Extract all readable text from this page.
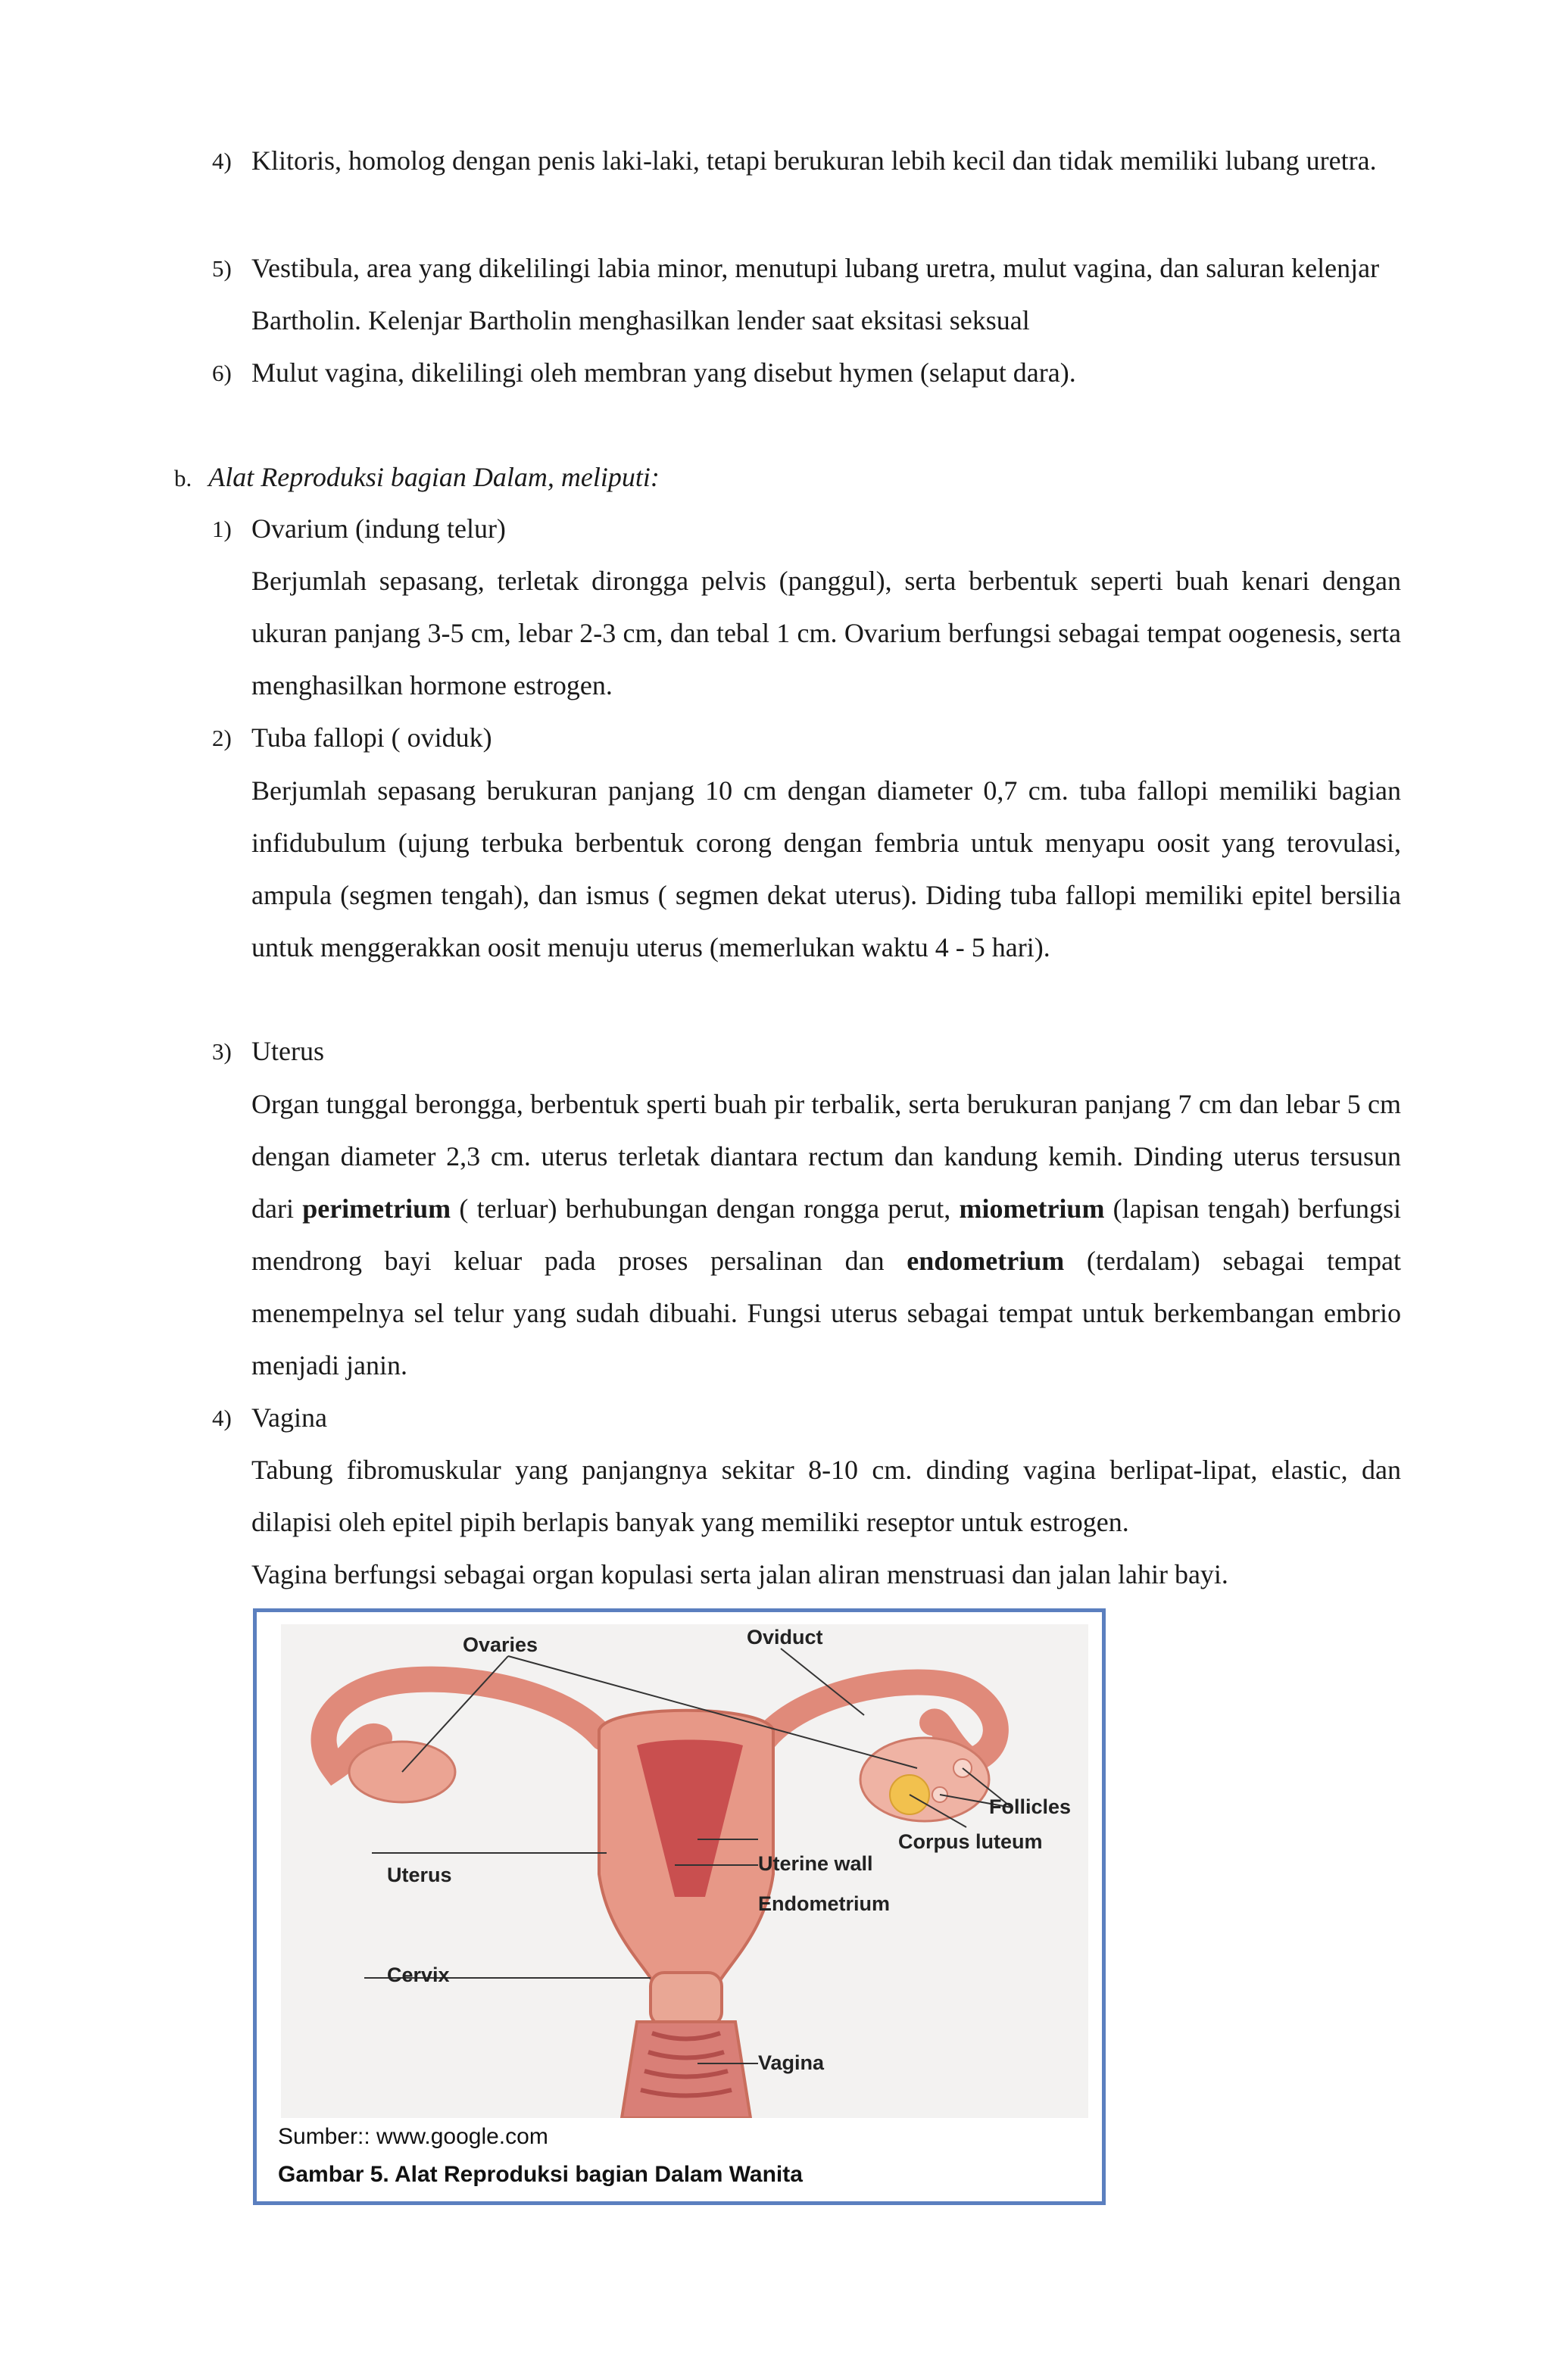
4) Klitoris, homolog dengan penis laki-laki, tetapi berukuran lebih kecil dan tidak memiliki lubang uretra.
5) Vestibula, area yang dikelilingi labia minor, menutupi lubang uretra, mulut vagina, dan saluran kelenjar Bartholin. Kelenjar Bartholin menghasilkan lender saat eksitasi seksual
6) Mulut vagina, dikelilingi oleh membran yang disebut hymen (selaput dara).
b. Alat Reproduksi bagian Dalam, meliputi:
1) Ovarium (indung telur)
Berjumlah sepasang, terletak dirongga pelvis (panggul), serta berbentuk seperti buah kenari dengan ukuran panjang 3-5 cm, lebar 2-3 cm, dan tebal 1 cm. Ovarium berfungsi sebagai tempat oogenesis, serta menghasilkan hormone estrogen.
2) Tuba fallopi ( oviduk)
Berjumlah sepasang berukuran panjang 10 cm dengan diameter 0,7 cm. tuba fallopi memiliki bagian infidubulum (ujung terbuka berbentuk corong dengan fembria untuk menyapu oosit yang terovulasi, ampula (segmen tengah), dan ismus ( segmen dekat uterus). Diding tuba fallopi memiliki epitel bersilia untuk menggerakkan oosit menuju uterus (memerlukan waktu 4 - 5 hari).
3) Uterus
Organ tunggal berongga, berbentuk sperti buah pir terbalik, serta berukuran panjang 7 cm dan lebar 5 cm dengan diameter 2,3 cm. uterus terletak diantara rectum dan kandung kemih. Dinding uterus tersusun dari perimetrium ( terluar) berhubungan dengan rongga perut, miometrium (lapisan tengah) berfungsi mendrong bayi keluar pada proses persalinan dan endometrium (terdalam) sebagai tempat menempelnya sel telur yang sudah dibuahi. Fungsi uterus sebagai tempat untuk berkembangan embrio menjadi janin.
4) Vagina
Tabung fibromuskular yang panjangnya sekitar 8-10 cm. dinding vagina berlipat-lipat, elastic, dan dilapisi oleh epitel pipih berlapis banyak yang memiliki reseptor untuk estrogen.
Vagina berfungsi sebagai organ kopulasi serta jalan aliran menstruasi dan jalan lahir bayi.
Ovaries	Oviduct
Follicles
Corpus luteum
Uterus	Uterine wall
Endometrium
Cervix
Vagina
Sumber:: www.google.com
Gambar 5. Alat Reproduksi bagian Dalam Wanita
